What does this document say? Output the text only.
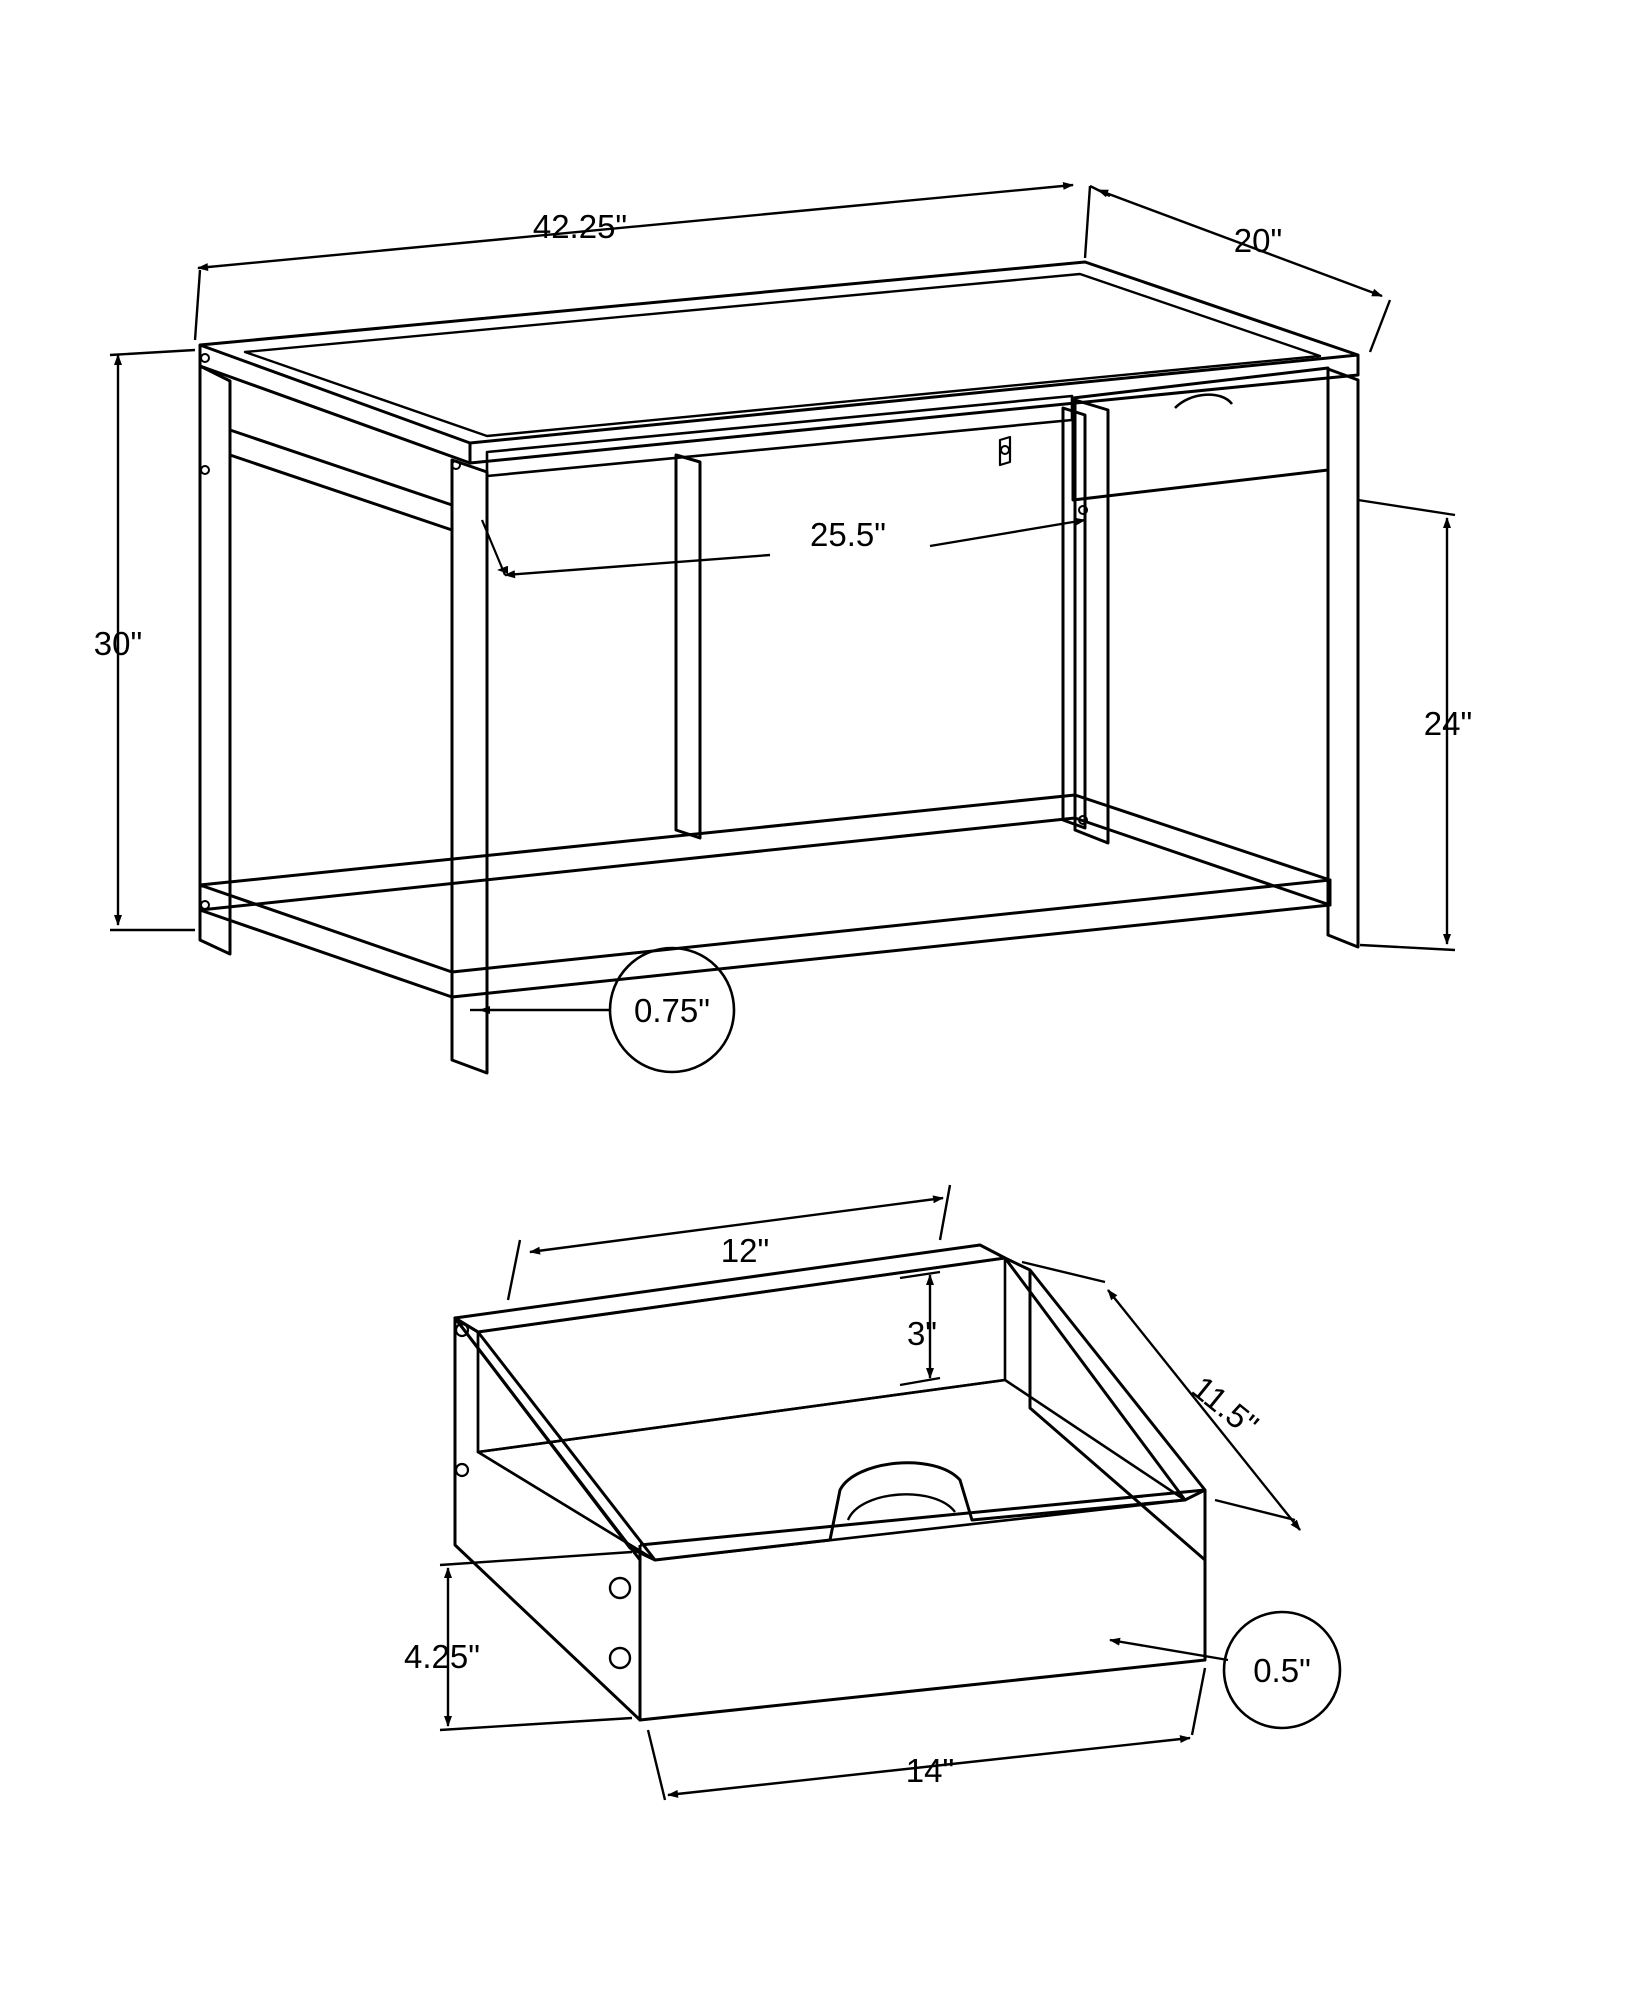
42.25"	20"
30"
25.5"
24"
0.75"
12"
3"
11.5"
4.25"
14"
0.5"
